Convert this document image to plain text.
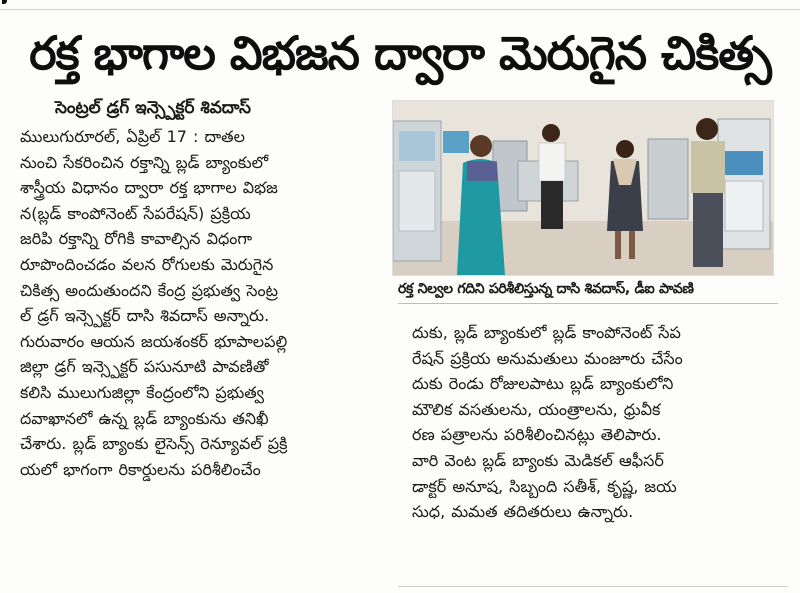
రక్త భాగాల విభజన ద్వారా మెరుగైన చికిత్స
సెంట్రల్ డ్రగ్ ఇన్స్పెక్టర్ శివదాస్
ములుగురూరల్, ఏప్రిల్ 17 : దాతల
నుంచి సేకరించిన రక్తాన్ని బ్లడ్ బ్యాంకులో
శాస్త్రీయ విధానం ద్వారా రక్త భాగాల విభజ
న(బ్లడ్ కాంపోనెంట్ సేపరేషన్) ప్రక్రియ
జరిపి రక్తాన్ని రోగికి కావాల్సిన విధంగా
రూపొందించడం వలన రోగులకు మెరుగైన
చికిత్స అందుతుందని కేంద్ర ప్రభుత్వ సెంట్ర
ల్ డ్రగ్ ఇన్స్పెక్టర్ దాసి శివదాస్ అన్నారు.
గురువారం ఆయన జయశంకర్ భూపాలపల్లి
జిల్లా డ్రగ్ ఇన్స్పెక్టర్ పసునూటి పావణితో
కలిసి ములుగుజిల్లా కేంద్రంలోని ప్రభుత్వ
దవాఖానలో ఉన్న బ్లడ్ బ్యాంకును తనిఖీ
చేశారు. బ్లడ్ బ్యాంకు లైసెన్స్ రెన్యూవల్ ప్రక్రి
యలో భాగంగా రికార్డులను పరిశీలించేం
రక్త నిల్వల గదిని పరిశీలిస్తున్న దాసి శివదాస్, డీఐ పావణి
దుకు, బ్లడ్ బ్యాంకులో బ్లడ్ కాంపోనెంట్ సేప
రేషన్ ప్రక్రియ అనుమతులు మంజూరు చేసేం
దుకు రెండు రోజులపాటు బ్లడ్ బ్యాంకులోని
మౌలిక వసతులను, యంత్రాలను, ధ్రువీక
రణ పత్రాలను పరిశీలించినట్లు తెలిపారు.
వారి వెంట బ్లడ్ బ్యాంకు మెడికల్ ఆఫీసర్
డాక్టర్ అనూష, సిబ్బంది సతీశ్, కృష్ణ, జయ
సుధ, మమత తదితరులు ఉన్నారు.
